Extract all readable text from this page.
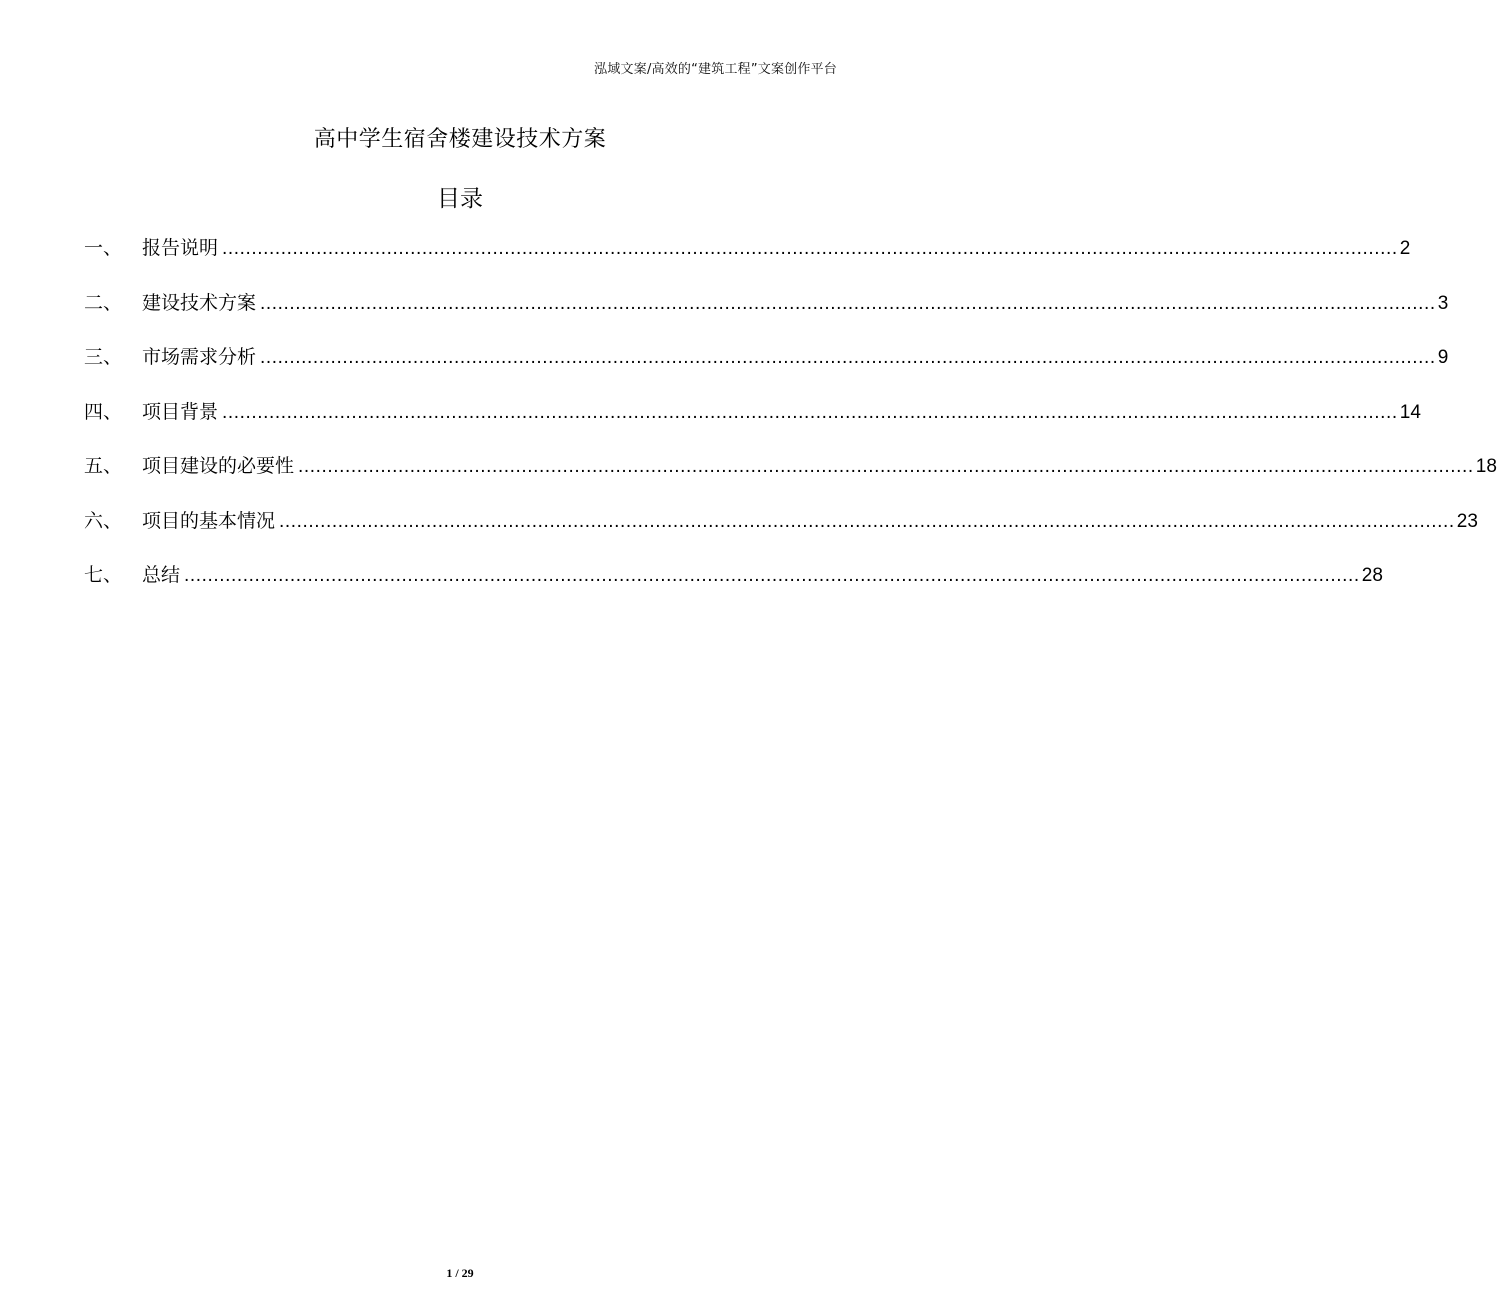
泓域文案/高效的“建筑工程”文案创作平台
高中学生宿舍楼建设技术方案
目录
一、	报告说明 ........................................................................................................................................................................................................ 2
二、	建设技术方案 ........................................................................................................................................................................................................ 3
三、	市场需求分析 ........................................................................................................................................................................................................ 9
四、	项目背景 ........................................................................................................................................................................................................ 14
五、	项目建设的必要性 ........................................................................................................................................................................................................ 18
六、	项目的基本情况 ........................................................................................................................................................................................................ 23
七、	总结 ........................................................................................................................................................................................................ 28
1 / 29
